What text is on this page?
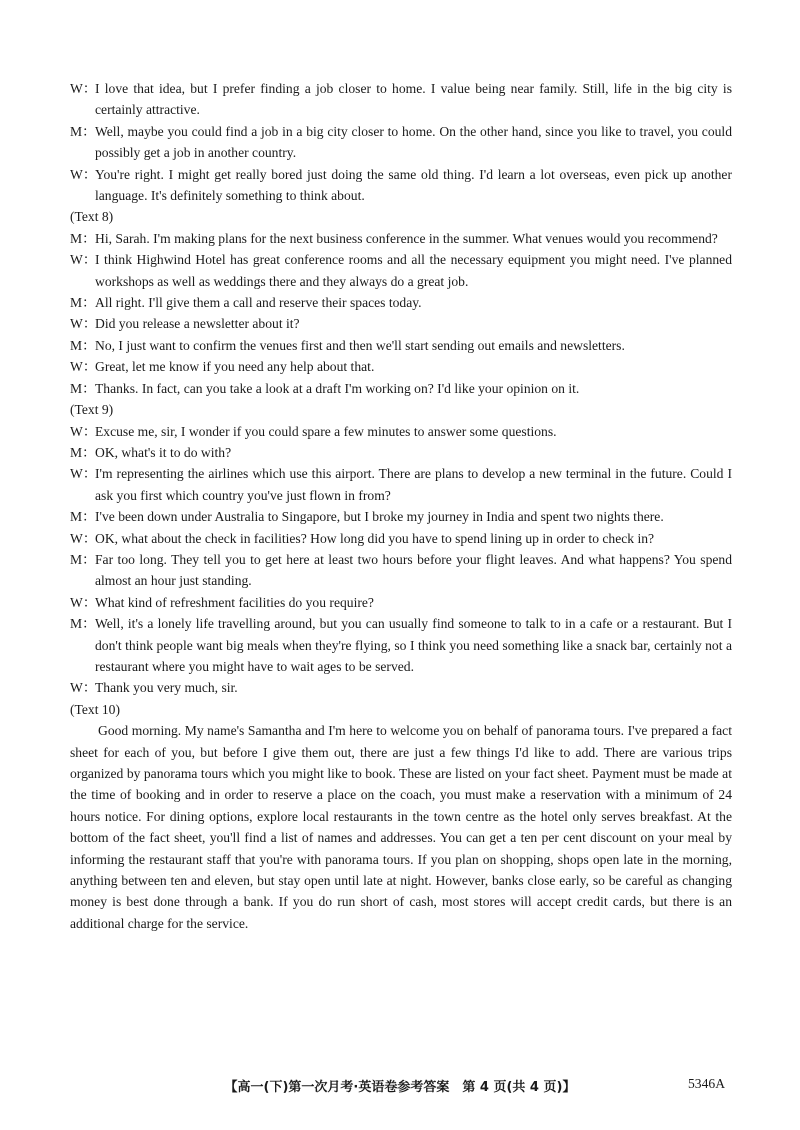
W：
I love that idea, but I prefer finding a job closer to home. I value being near family. Still, life in the big city is certainly attractive.
M： Well, maybe you could find a job in a big city closer to home. On the other hand, since you like to travel, you could possibly get a job in another country.
W：
You're right. I might get really bored just doing the same old thing. I'd learn a lot overseas, even pick up another language. It's definitely something to think about.
(Text 8)
M： Hi, Sarah. I'm making plans for the next business conference in the summer. What venues would you recommend?
W：
I think Highwind Hotel has great conference rooms and all the necessary equipment you might need. I've planned workshops as well as weddings there and they always do a great job.
M： All right. I'll give them a call and reserve their spaces today.
W：
Did you release a newsletter about it?
M： No, I just want to confirm the venues first and then we'll start sending out emails and newsletters.
W：
Great, let me know if you need any help about that.
M： Thanks. In fact, can you take a look at a draft I'm working on? I'd like your opinion on it.
(Text 9)
W：
Excuse me, sir, I wonder if you could spare a few minutes to answer some questions.
M： OK, what's it to do with?
W：
I'm representing the airlines which use this airport. There are plans to develop a new terminal in the future. Could I ask you first which country you've just flown in from?
M： I've been down under Australia to Singapore, but I broke my journey in India and spent two nights there.
W：
OK, what about the check in facilities? How long did you have to spend lining up in order to check in?
M： Far too long. They tell you to get here at least two hours before your flight leaves. And what happens? You spend almost an hour just standing.
W：
What kind of refreshment facilities do you require?
M： Well, it's a lonely life travelling around, but you can usually find someone to talk to in a cafe or a restaurant. But I don't think people want big meals when they're flying, so I think you need something like a snack bar, certainly not a restaurant where you might have to wait ages to be served.
W：
Thank you very much, sir.
(Text 10)
Good morning. My name's Samantha and I'm here to welcome you on behalf of panorama tours. I've prepared a fact sheet for each of you, but before I give them out, there are just a few things I'd like to add. There are various trips organized by panorama tours which you might like to book. These are listed on your fact sheet. Payment must be made at the time of booking and in order to reserve a place on the coach, you must make a reservation with a minimum of 24 hours notice. For dining options, explore local restaurants in the town centre as the hotel only serves breakfast. At the bottom of the fact sheet, you'll find a list of names and addresses. You can get a ten per cent discount on your meal by informing the restaurant staff that you're with panorama tours. If you plan on shopping, shops open late in the morning, anything between ten and eleven, but stay open until late at night. However, banks close early, so be careful as changing money is best done through a bank. If you do run short of cash, most stores will accept credit cards, but there is an additional charge for the service.
【高一(下)第一次月考·英语卷参考答案　第 4 页(共 4 页)】	5346A
